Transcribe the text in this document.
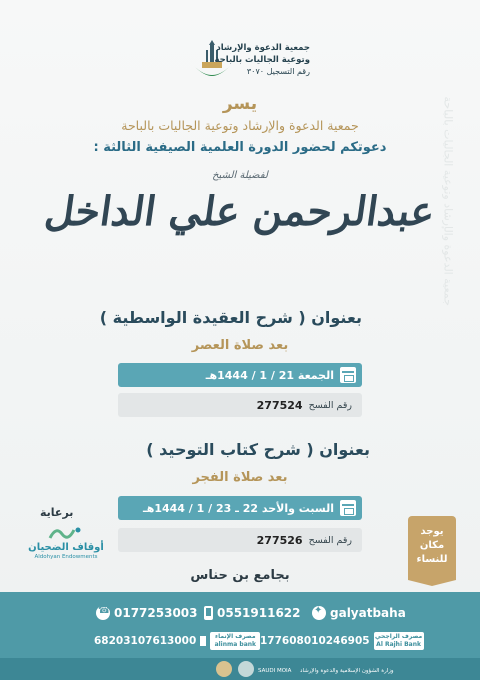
جمعية الدعوة والإرشاد وتوعية الجاليات بالباحة
جمعية الدعوة والإرشاد
وتوعية الجاليات بالباحة
رقم التسجيل ٣٠٧٠
يسر
جمعية الدعوة والإرشاد وتوعية الجاليات بالباحة
دعوتكم لحضور الدورة العلمية الصيفية الثالثة :
لفضيلة الشيخ
عبدالرحمن علي الداخل
بعنوان ( شرح العقيدة الواسطية )
بعد صلاة العصر
الجمعة 21 / 1 / 1444هـ
رقم الفسح
277524
بعنوان ( شرح كتاب التوحيد )
بعد صلاة الفجر
السبت والأحد 22 ـ 23 / 1 / 1444هـ
رقم الفسح
277526
برعاية
أوقاف الضحيان
Aldohyan Endowments
يوجد مكان للنساء
بجامع بن حناس
☎
0177253003 0551911622
✦ galyatbaha
68203107613000	مصرف الإنماء alinma bank 177608010246905 مصرف الراجحي Al Rajhi Bank
SAUDI MOIA وزارة الشؤون الإسلامية والدعوة والإرشاد
